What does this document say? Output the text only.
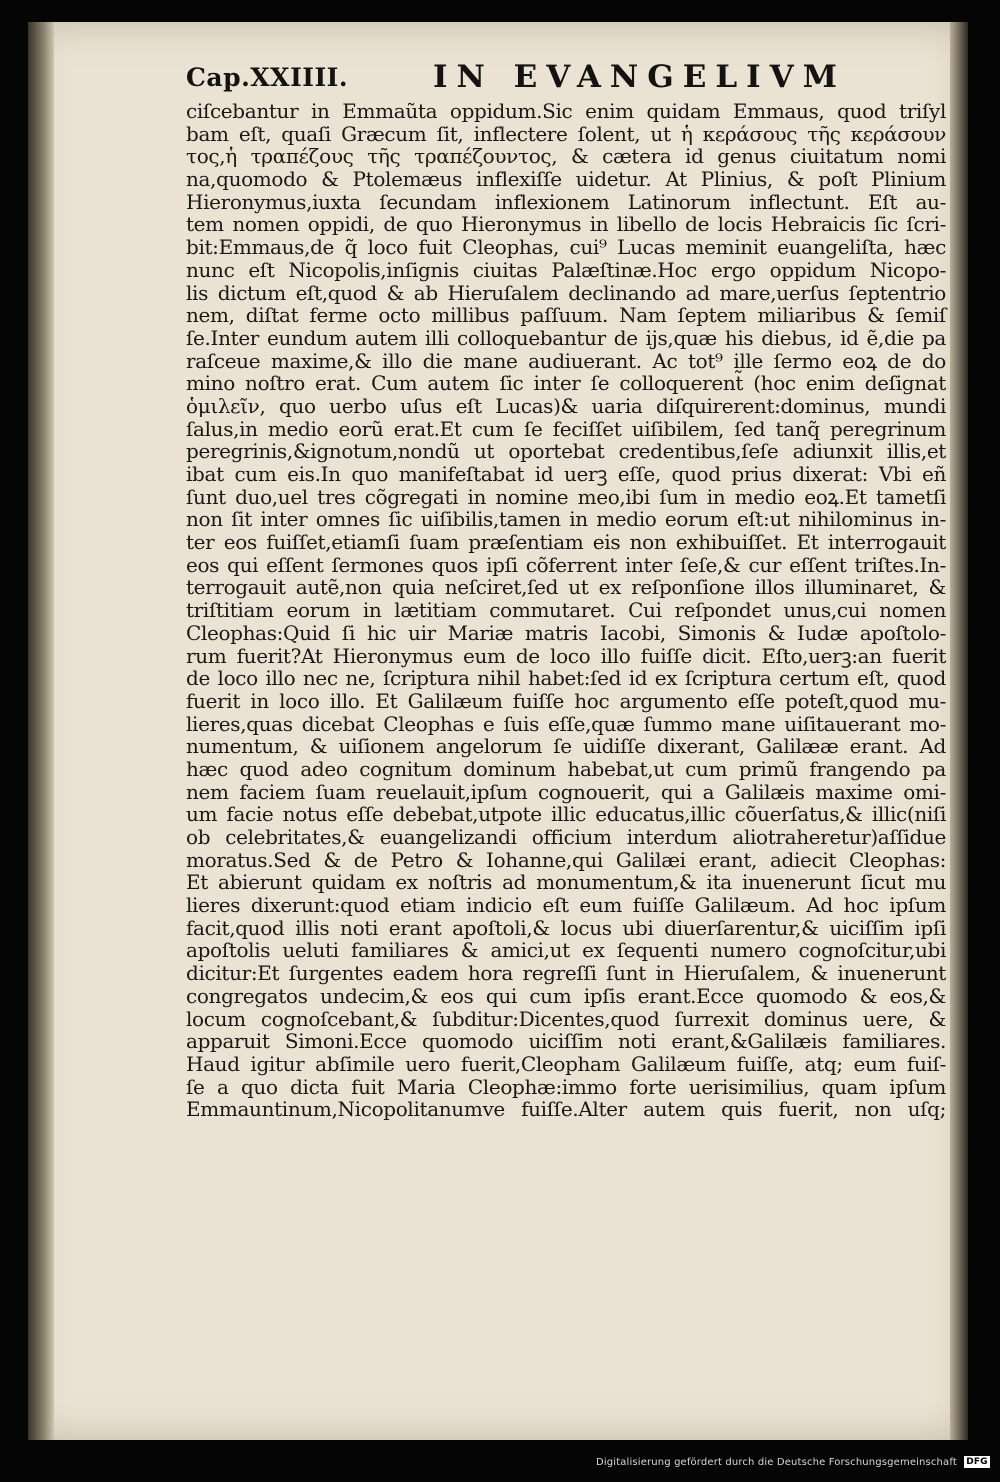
Cap.XXIIII.	IN EVANGELIVM
ciſcebantur in Emmaũta oppidum.Sic enim quidam Emmaus, quod triſyl
bam eſt, quaſi Græcum ſit, inflectere ſolent, ut ἡ κεράσους τῆς κεράσουν
τος,ἡ τραπέζους τῆς τραπέζουντος, & cætera id genus ciuitatum nomi
na,quomodo & Ptolemæus inflexiſſe uidetur. At Plinius, & poſt Plinium
Hieronymus,iuxta ſecundam inflexionem Latinorum inflectunt. Eſt au-
tem nomen oppidi, de quo Hieronymus in libello de locis Hebraicis ſic ſcri-
bit:Emmaus,de q̃ loco fuit Cleophas, cui⁹ Lucas meminit euangeliſta, hæc
nunc eſt Nicopolis,inſignis ciuitas Palæſtinæ.Hoc ergo oppidum Nicopo-
lis dictum eſt,quod & ab Hieruſalem declinando ad mare,uerſus ſeptentrio
nem, diſtat ferme octo millibus paſſuum. Nam ſeptem miliaribus & ſemiſ
ſe.Inter eundum autem illi colloquebantur de ijs,quæ his diebus, id ẽ,die pa
raſceue maxime,& illo die mane audiuerant. Ac tot⁹ ille ſermo eoꝝ de do
mino noſtro erat. Cum autem ſic inter ſe colloquerent̃ (hoc enim deſignat
ὁμιλεῖν, quo uerbo uſus eſt Lucas)& uaria diſquirerent:dominus, mundi
ſalus,in medio eorũ erat.Et cum ſe feciſſet uiſibilem, ſed tanq̃ peregrinum
peregrinis,&ignotum,nondũ ut oportebat credentibus,ſeſe adiunxit illis,et
ibat cum eis.In quo manifeſtabat id uerꝫ eſſe, quod prius dixerat: Vbi eñ
ſunt duo,uel tres cõgregati in nomine meo,ibi ſum in medio eoꝝ.Et tametſi
non ſit inter omnes ſic uiſibilis,tamen in medio eorum eſt:ut nihilominus in-
ter eos fuiſſet,etiamſi ſuam præſentiam eis non exhibuiſſet. Et interrogauit
eos qui eſſent ſermones quos ipſi cõferrent inter ſeſe,& cur eſſent triſtes.In-
terrogauit autẽ,non quia neſciret,ſed ut ex reſponſione illos illuminaret, &
triſtitiam eorum in lætitiam commutaret. Cui reſpondet unus,cui nomen
Cleophas:Quid ſi hic uir Mariæ matris Iacobi, Simonis & Iudæ apoſtolo-
rum fuerit?At Hieronymus eum de loco illo fuiſſe dicit. Eſto,uerꝫ:an fuerit
de loco illo nec ne, ſcriptura nihil habet:ſed id ex ſcriptura certum eſt, quod
fuerit in loco illo. Et Galilæum fuiſſe hoc argumento eſſe poteſt,quod mu-
lieres,quas dicebat Cleophas e ſuis eſſe,quæ ſummo mane uiſitauerant mo-
numentum, & uiſionem angelorum ſe uidiſſe dixerant, Galilææ erant. Ad
hæc quod adeo cognitum dominum habebat,ut cum primũ frangendo pa
nem faciem ſuam reuelauit,ipſum cognouerit, qui a Galilæis maxime omi-
um facie notus eſſe debebat,utpote illic educatus,illic cõuerſatus,& illic(niſi
ob celebritates,& euangelizandi officium interdum aliotraheretur)aſſidue
moratus.Sed & de Petro & Iohanne,qui Galilæi erant, adiecit Cleophas:
Et abierunt quidam ex noſtris ad monumentum,& ita inuenerunt ſicut mu
lieres dixerunt:quod etiam indicio eſt eum fuiſſe Galilæum. Ad hoc ipſum
facit,quod illis noti erant apoſtoli,& locus ubi diuerſarentur,& uiciſſim ipſi
apoſtolis ueluti familiares & amici,ut ex ſequenti numero cognoſcitur,ubi
dicitur:Et ſurgentes eadem hora regreſſi ſunt in Hieruſalem, & inuenerunt
congregatos undecim,& eos qui cum ipſis erant.Ecce quomodo & eos,&
locum cognoſcebant,& ſubditur:Dicentes,quod ſurrexit dominus uere, &
apparuit Simoni.Ecce quomodo uiciſſim noti erant,&Galilæis familiares.
Haud igitur abſimile uero fuerit,Cleopham Galilæum fuiſſe, atq; eum fuiſ-
ſe a quo dicta fuit Maria Cleophæ:immo forte uerisimilius, quam ipſum
Emmauntinum,Nicopolitanumve fuiſſe.Alter autem quis fuerit, non uſq;
Digitalisierung gefördert durch die Deutsche Forschungsgemeinschaft DFG
